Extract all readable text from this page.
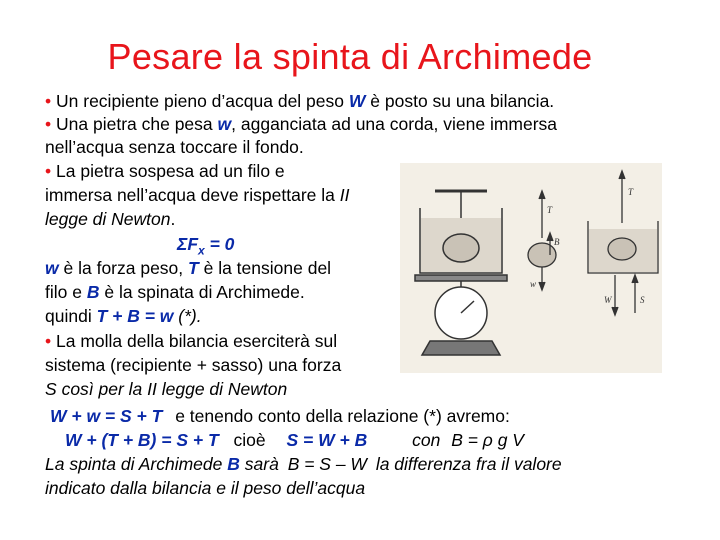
Pesare la spinta di Archimede
• Un recipiente pieno d’acqua del peso W è posto su una bilancia.
• Una pietra che pesa w, agganciata ad una corda, viene immersa
nell’acqua senza toccare il fondo.
• La pietra sospesa ad un filo e
immersa nell’acqua deve rispettare la II
legge di Newton.
$\Sigma F_x = 0$
w è la forza peso, T è la tensione del
filo e B è la spinata di Archimede.
quindi T + B = w (*).
• La molla della bilancia eserciterà sul
sistema (recipiente + sasso) una forza
S così per la II legge di Newton
W + w = S + T e tenendo conto della relazione (*) avremo:
W + (T + B) = S + T cioè S = W + B	con B = ρ g V
La spinta di Archimede B sarà B = S – W la differenza fra il valore
indicato dalla bilancia e il peso dell’acqua
T
w
B
T
W	S
